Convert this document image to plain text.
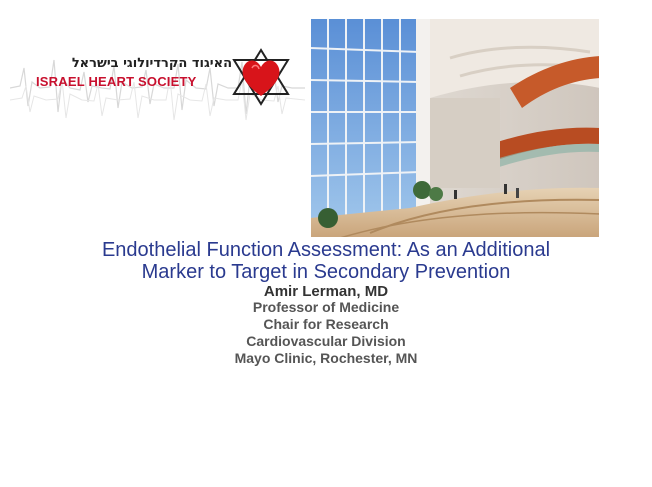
האיגוד הקרדיולוגי בישראל
ISRAEL HEART SOCIETY
Endothelial Function Assessment: As an Additional
Marker to Target in Secondary Prevention
Amir Lerman, MD
Professor of Medicine
Chair for Research
Cardiovascular Division
Mayo Clinic, Rochester, MN
